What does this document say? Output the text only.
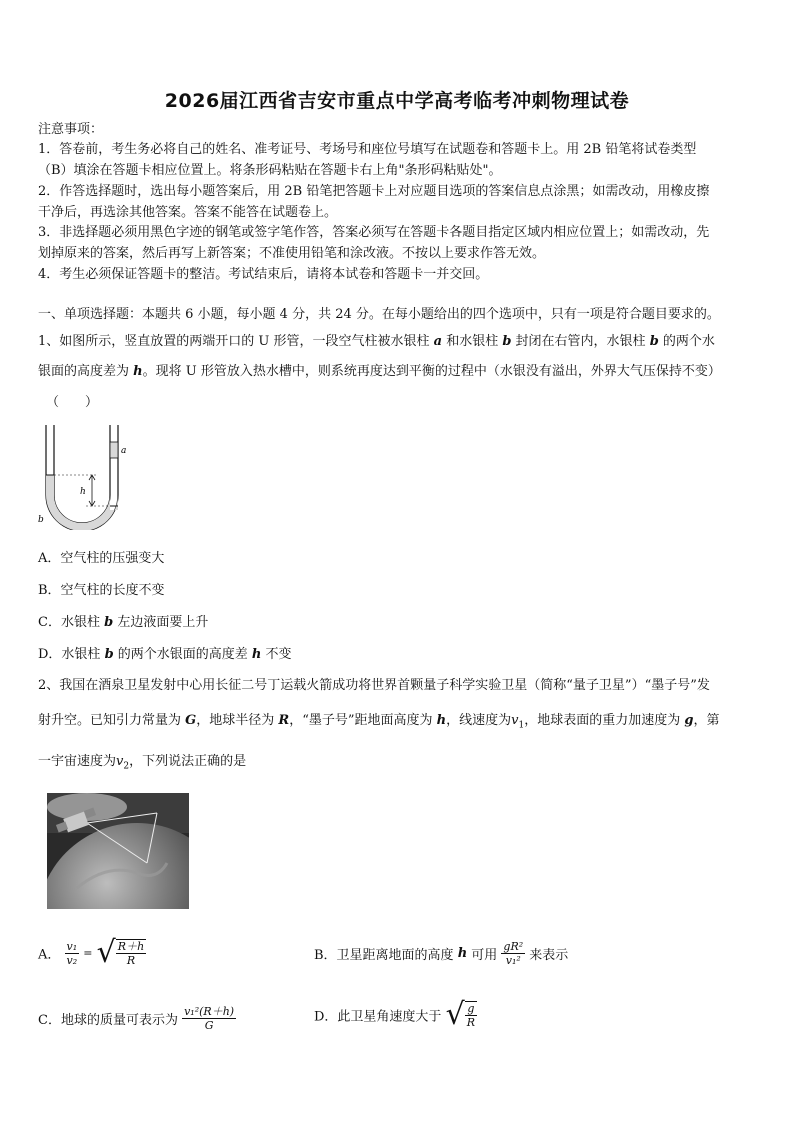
2026届江西省吉安市重点中学高考临考冲刺物理试卷
注意事项：
1．答卷前，考生务必将自己的姓名、准考证号、考场号和座位号填写在试题卷和答题卡上。用 2B 铅笔将试卷类型
（B）填涂在答题卡相应位置上。将条形码粘贴在答题卡右上角"条形码粘贴处"。
2．作答选择题时，选出每小题答案后，用 2B 铅笔把答题卡上对应题目选项的答案信息点涂黑；如需改动，用橡皮擦
干净后，再选涂其他答案。答案不能答在试题卷上。
3．非选择题必须用黑色字迹的钢笔或签字笔作答，答案必须写在答题卡各题目指定区域内相应位置上；如需改动，先
划掉原来的答案，然后再写上新答案；不准使用铅笔和涂改液。不按以上要求作答无效。
4．考生必须保证答题卡的整洁。考试结束后，请将本试卷和答题卡一并交回。
一、单项选择题：本题共 6 小题，每小题 4 分，共 24 分。在每小题给出的四个选项中，只有一项是符合题目要求的。
1、如图所示，竖直放置的两端开口的 U 形管，一段空气柱被水银柱 a 和水银柱 b 封闭在右管内，水银柱 b 的两个水
银面的高度差为 h。现将 U 形管放入热水槽中，则系统再度达到平衡的过程中（水银没有溢出，外界大气压保持不变）
（　　）
h
a
b
A．空气柱的压强变大
B．空气柱的长度不变
C．水银柱 b 左边液面要上升
D．水银柱 b 的两个水银面的高度差 h 不变
2、我国在酒泉卫星发射中心用长征二号丁运载火箭成功将世界首颗量子科学实验卫星（简称“量子卫星”）“墨子号”发
射升空。已知引力常量为 G，地球半径为 R，“墨子号”距地面高度为 h，线速度为$v_1$，地球表面的重力加速度为 g，第
一宇宙速度为$v_2$，下列说法正确的是
A． $\frac{\text{v₁}}{\text{v₂}}$ = √ $\frac{R+h}{R}$	B．卫星距离地面的高度 h 可用 $\frac{\text{gR²}}{\text{v₁²}}$ 来表示
C．地球的质量可表示为 $\frac{\text{v₁²(R＋h)}}{G}$	D．此卫星角速度大于 √ $\frac{g}{R}$
